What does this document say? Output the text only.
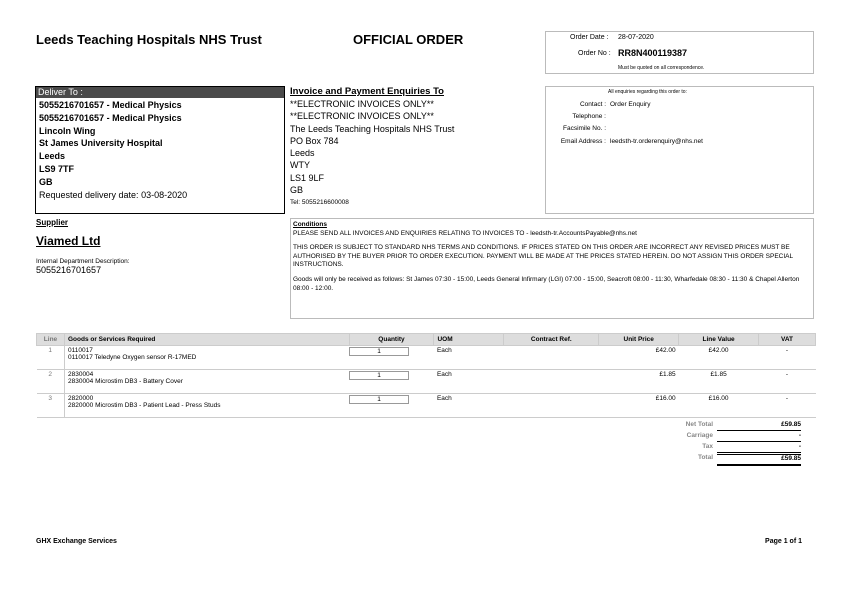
Leeds Teaching Hospitals NHS Trust	OFFICIAL ORDER	Order Date : 28-07-2020
Order No : RR8N400119387
Must be quoted on all correspondence.
Deliver To :
5055216701657 - Medical Physics
5055216701657 - Medical Physics
Lincoln Wing
St James University Hospital
Leeds
LS9 7TF
GB
Requested delivery date: 03-08-2020
Invoice and Payment Enquiries To
**ELECTRONIC INVOICES ONLY**
**ELECTRONIC INVOICES ONLY**
The Leeds Teaching Hospitals NHS Trust
PO Box 784
Leeds
WTY
LS1 9LF
GB
Tel: 5055216600008
All enquiries regarding this order to:
Contact : Order Enquiry
Telephone :
Facsimile No. :
Email Address : leedsth-tr.orderenquiry@nhs.net
Supplier
Viamed Ltd
Internal Department Description:
5055216701657
Conditions

PLEASE SEND ALL INVOICES AND ENQUIRIES RELATING TO INVOICES TO - leedsth-tr.AccountsPayable@nhs.net

THIS ORDER IS SUBJECT TO STANDARD NHS TERMS AND CONDITIONS. IF PRICES STATED ON THIS ORDER ARE INCORRECT ANY REVISED PRICES MUST BE AUTHORISED BY THE BUYER PRIOR TO ORDER EXECUTION. PAYMENT WILL BE MADE AT THE PRICES STATED HEREIN. DO NOT ASSIGN THIS ORDER SPECIAL INSTRUCTIONS.

Goods will only be received as follows: St James 07:30 - 15:00, Leeds General Infirmary (LGI) 07:00 - 15:00, Seacroft 08:00 - 11:30, Wharfedale 08:30 - 11:30 & Chapel Allerton 08:00 - 12:00.

Line	Goods or Services Required	Quantity	UOM	Contract Ref.	Unit Price	Line Value	VAT
1	0110017
0110017 Teledyne Oxygen sensor R-17MED	1	Each		£42.00	£42.00	-
2	2830004
2830004 Microstim DB3 - Battery Cover	1	Each		£1.85	£1.85	-
3	2820000
2820000 Microstim DB3 - Patient Lead - Press Studs	1	Each		£16.00	£16.00	-
Net Total	£59.85
Carriage	-
Tax	-
Total	£59.85
GHX Exchange Services	Page 1 of 1
